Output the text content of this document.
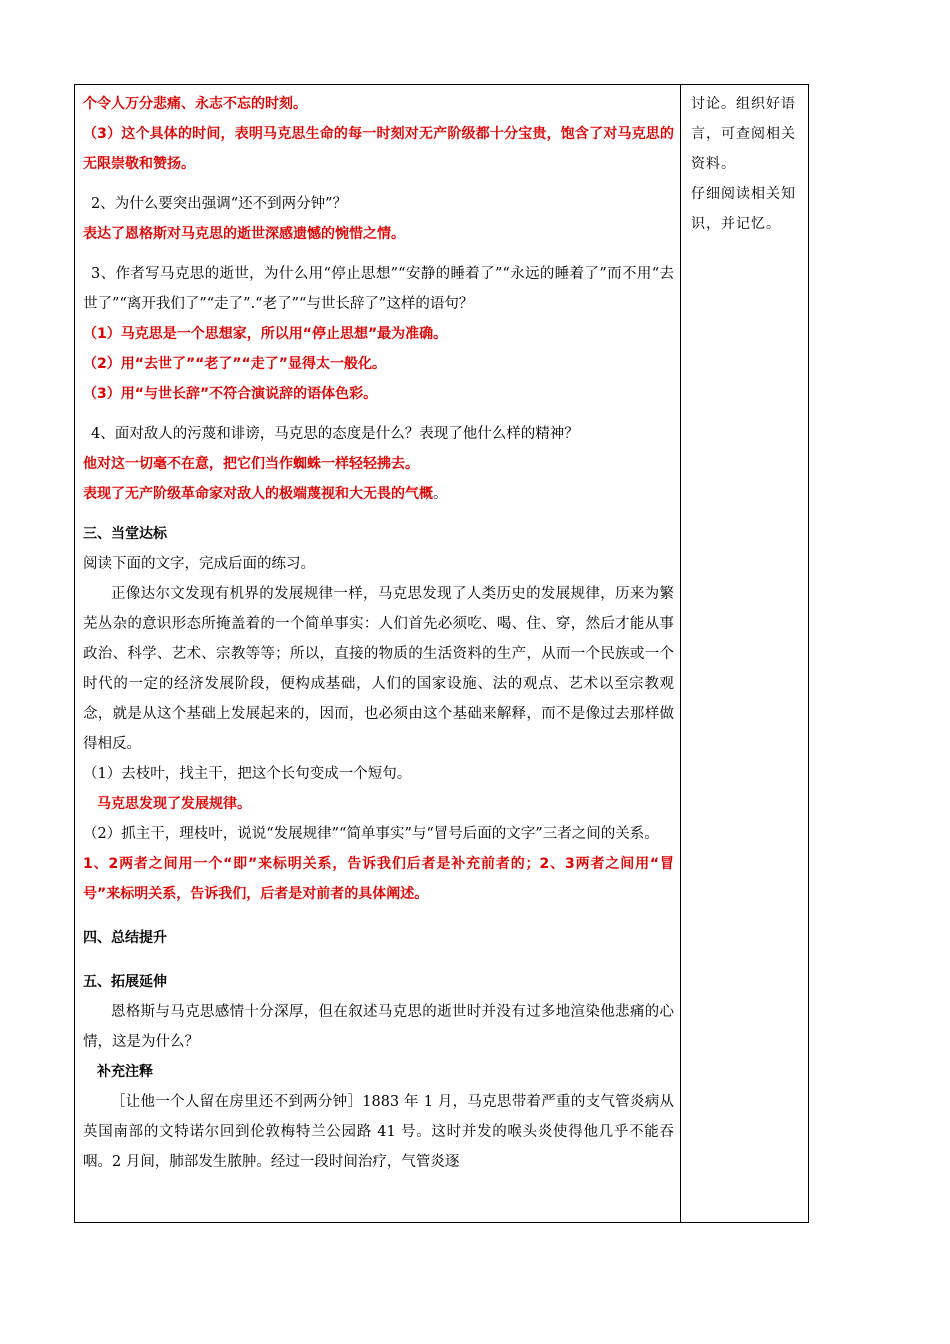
个令人万分悲痛、永志不忘的时刻。

（3）这个具体的时间，表明马克思生命的每一时刻对无产阶级都十分宝贵，饱含了对马克思的无限崇敬和赞扬。

2、为什么要突出强调“还不到两分钟”？

表达了恩格斯对马克思的逝世深感遗憾的惋惜之情。

3、作者写马克思的逝世，为什么用“停止思想”“安静的睡着了”“永远的睡着了”而不用“去世了”“离开我们了”“走了”.“老了”“与世长辞了”这样的语句？

（1）马克思是一个思想家，所以用“停止思想”最为准确。

（2）用“去世了”“老了”“走了”显得太一般化。

（3）用“与世长辞”不符合演说辞的语体色彩。

4、面对敌人的污蔑和诽谤，马克思的态度是什么？表现了他什么样的精神？

他对这一切毫不在意，把它们当作蜘蛛一样轻轻拂去。

表现了无产阶级革命家对敌人的极端蔑视和大无畏的气概。

三、当堂达标

阅读下面的文字，完成后面的练习。

正像达尔文发现有机界的发展规律一样，马克思发现了人类历史的发展规律，历来为繁芜丛杂的意识形态所掩盖着的一个简单事实：人们首先必须吃、喝、住、穿，然后才能从事政治、科学、艺术、宗教等等；所以，直接的物质的生活资料的生产，从而一个民族或一个时代的一定的经济发展阶段，便构成基础，人们的国家设施、法的观点、艺术以至宗教观念，就是从这个基础上发展起来的，因而，也必须由这个基础来解释，而不是像过去那样做得相反。

（1）去枝叶，找主干，把这个长句变成一个短句。

马克思发现了发展规律。

（2）抓主干，理枝叶，说说“发展规律”“简单事实”与“冒号后面的文字”三者之间的关系。

1、2两者之间用一个“即”来标明关系，告诉我们后者是补充前者的；2、3两者之间用“冒号”来标明关系，告诉我们，后者是对前者的具体阐述。

四、总结提升

五、拓展延伸

恩格斯与马克思感情十分深厚，但在叙述马克思的逝世时并没有过多地渲染他悲痛的心情，这是为什么？

补充注释

［让他一个人留在房里还不到两分钟］1883 年 1 月，马克思带着严重的支气管炎病从英国南部的文特诺尔回到伦敦梅特兰公园路 41 号。这时并发的喉头炎使得他几乎不能吞咽。2 月间，肺部发生脓肿。经过一段时间治疗，气管炎逐

讨论。组织好语言，可查阅相关资料。

仔细阅读相关知识，并记忆。
